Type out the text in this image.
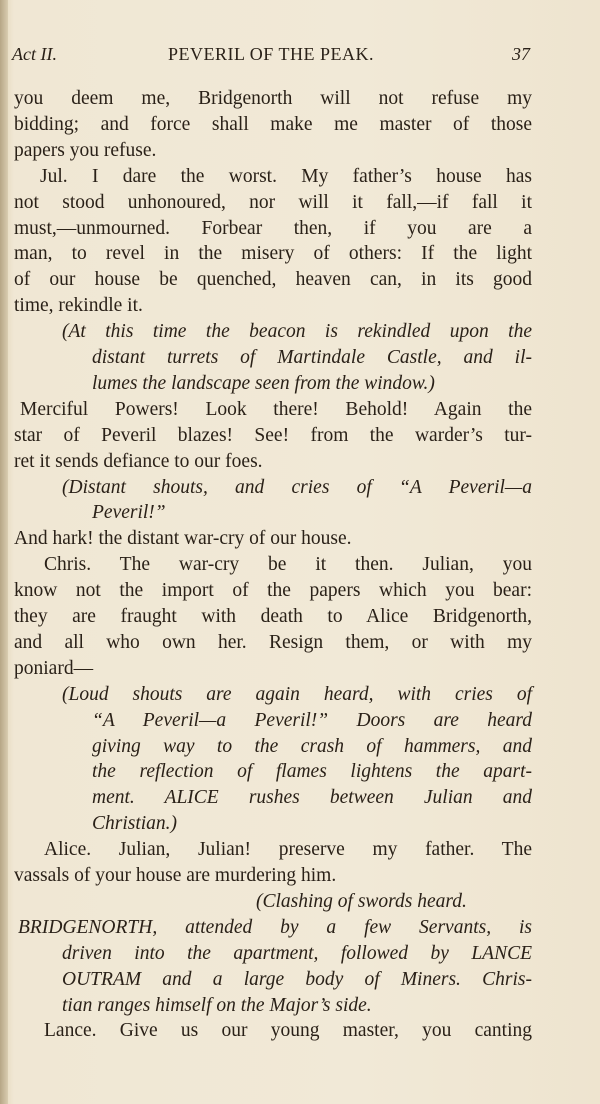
PEVERIL OF THE PEAK.
Act II.	37
you deem me, Bridgenorth will not refuse my
bidding; and force shall make me master of those
papers you refuse.
Jul. I dare the worst. My father’s house has
not stood unhonoured, nor will it fall,—if fall it
must,—unmourned. Forbear then, if you are a
man, to revel in the misery of others: If the light
of our house be quenched, heaven can, in its good
time, rekindle it.
(At this time the beacon is rekindled upon the
distant turrets of Martindale Castle, and il-
lumes the landscape seen from the window.)
Merciful Powers! Look there! Behold! Again the
star of Peveril blazes! See! from the warder’s tur-
ret it sends defiance to our foes.
(Distant shouts, and cries of “A Peveril—a
Peveril!”
And hark! the distant war-cry of our house.
Chris. The war-cry be it then. Julian, you
know not the import of the papers which you bear:
they are fraught with death to Alice Bridgenorth,
and all who own her. Resign them, or with my
poniard—
(Loud shouts are again heard, with cries of
“A Peveril—a Peveril!” Doors are heard
giving way to the crash of hammers, and
the reflection of flames lightens the apart-
ment. ALICE rushes between Julian and
Christian.)
Alice. Julian, Julian! preserve my father. The
vassals of your house are murdering him.
(Clashing of swords heard.
BRIDGENORTH, attended by a few Servants, is
driven into the apartment, followed by LANCE
OUTRAM and a large body of Miners. Chris-
tian ranges himself on the Major’s side.
Lance. Give us our young master, you canting
